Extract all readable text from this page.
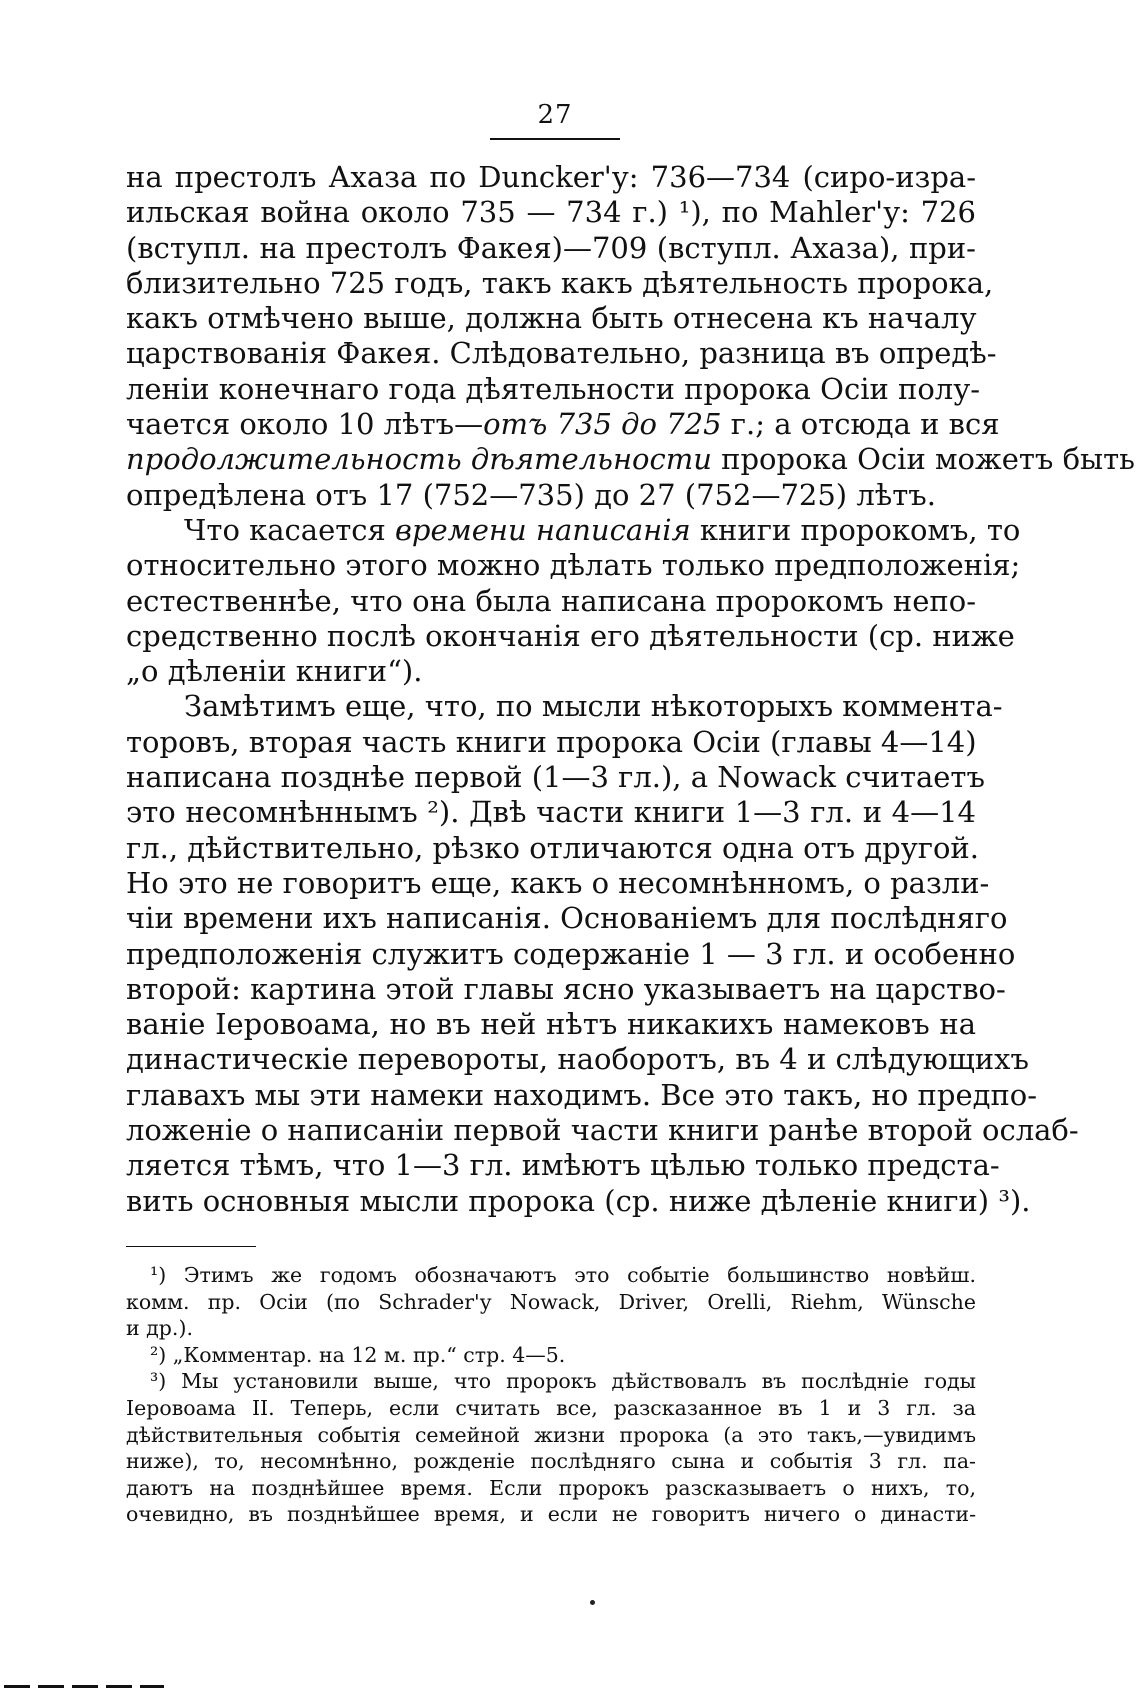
27

на престолъ Ахаза по Duncker'у: 736—734 (сиро-изра-
ильская война около 735 — 734 г.) ¹), по Mahler'у: 726
(вступл. на престолъ Факея)—709 (вступл. Ахаза), при-
близительно 725 годъ, такъ какъ дѣятельность пророка,
какъ отмѣчено выше, должна быть отнесена къ началу
царствованія Факея. Слѣдовательно, разница въ опредѣ-
леніи конечнаго года дѣятельности пророка Осіи полу-
чается около 10 лѣтъ—отъ 735 до 725 г.; а отсюда и вся
продолжительность дѣятельности пророка Осіи можетъ быть
опредѣлена отъ 17 (752—735) до 27 (752—725) лѣтъ.

Что касается времени написанія книги пророкомъ, то
относительно этого можно дѣлать только предположенія;
естественнѣе, что она была написана пророкомъ непо-
средственно послѣ окончанія его дѣятельности (ср. ниже
„о дѣленіи книги“).

Замѣтимъ еще, что, по мысли нѣкоторыхъ коммента-
торовъ, вторая часть книги пророка Осіи (главы 4—14)
написана позднѣе первой (1—3 гл.), а Nowack считаетъ
это несомнѣннымъ ²). Двѣ части книги 1—3 гл. и 4—14
гл., дѣйствительно, рѣзко отличаются одна отъ другой.
Но это не говоритъ еще, какъ о несомнѣнномъ, о разли-
чіи времени ихъ написанія. Основаніемъ для послѣдняго
предположенія служитъ содержаніе 1 — 3 гл. и особенно
второй: картина этой главы ясно указываетъ на царство-
ваніе Іеровоама, но въ ней нѣтъ никакихъ намековъ на
династическіе перевороты, наоборотъ, въ 4 и слѣдующихъ
главахъ мы эти намеки находимъ. Все это такъ, но предпо-
ложеніе о написаніи первой части книги ранѣе второй ослаб-
ляется тѣмъ, что 1—3 гл. имѣютъ цѣлью только предста-
вить основныя мысли пророка (ср. ниже дѣленіе книги) ³).

¹) Этимъ же годомъ обозначаютъ это событіе большинство новѣйш.
комм. пр. Осіи (по Schrader'у Nowack, Driver, Orelli, Riehm, Wünsche
и др.).
²) „Комментар. на 12 м. пр.“ стр. 4—5.
³) Мы установили выше, что пророкъ дѣйствовалъ въ послѣдніе годы
Іеровоама II. Теперь, если считать все, разсказанное въ 1 и 3 гл. за
дѣйствительныя событія семейной жизни пророка (а это такъ,—увидимъ
ниже), то, несомнѣнно, рожденіе послѣдняго сына и событія 3 гл. па-
даютъ на позднѣйшее время. Если пророкъ разсказываетъ о нихъ, то,
очевидно, въ позднѣйшее время, и если не говоритъ ничего о династи-
